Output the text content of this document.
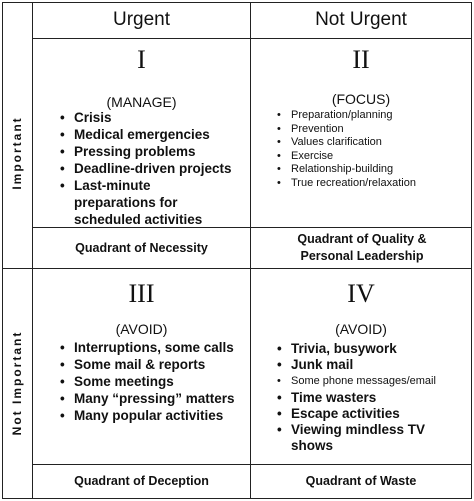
Urgent	Not Urgent
Important
Not Important
I
(MANAGE)
• Crisis
• Medical emergencies
• Pressing problems
• Deadline-driven projects
• Last-minute preparations for scheduled activities
Quadrant of Necessity
II
(FOCUS)
• Preparation/planning
• Prevention
• Values clarification
• Exercise
• Relationship-building
• True recreation/relaxation
Quadrant of Quality & Personal Leadership
III
(AVOID)
• Interruptions, some calls
• Some mail & reports
• Some meetings
• Many “pressing” matters
• Many popular activities
Quadrant of Deception
IV
(AVOID)
• Trivia, busywork
• Junk mail
• Some phone messages/email
• Time wasters
• Escape activities
• Viewing mindless TV shows
Quadrant of Waste
